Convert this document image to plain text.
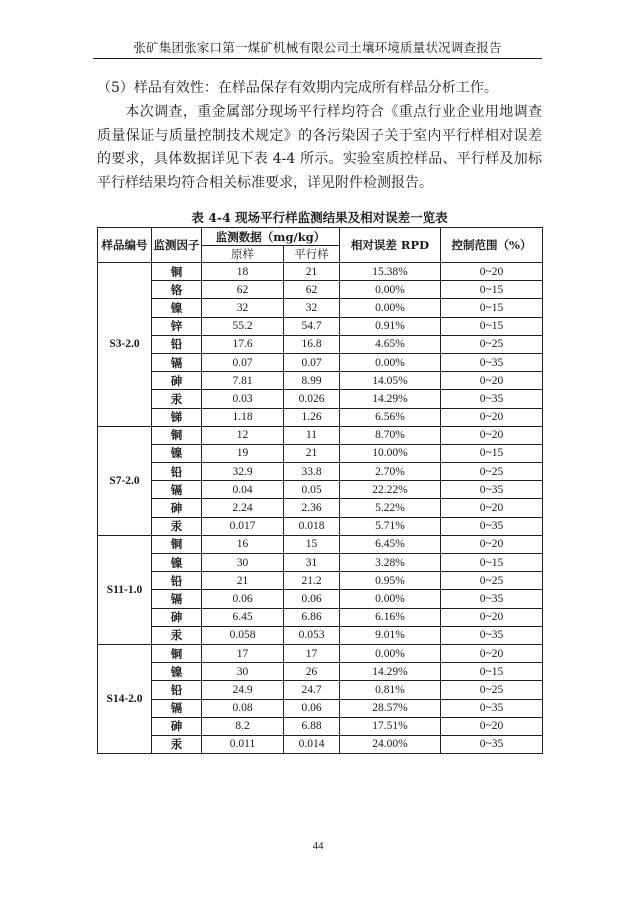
张矿集团张家口第一煤矿机械有限公司土壤环境质量状况调查报告

（5）样品有效性：在样品保存有效期内完成所有样品分析工作。

本次调查，重金属部分现场平行样均符合《重点行业企业用地调查质量保证与质量控制技术规定》的各污染因子关于室内平行样相对误差的要求，具体数据详见下表 4-4 所示。实验室质控样品、平行样及加标平行样结果均符合相关标准要求，详见附件检测报告。

表 4-4 现场平行样监测结果及相对误差一览表
样品编号	监测因子	监测数据（mg/kg）		相对误差 RPD	控制范围（%）
		原样	平行样		
S3-2.0	铜	18	21	15.38%	0~20
	铬	62	62	0.00%	0~15
	镍	32	32	0.00%	0~15
	锌	55.2	54.7	0.91%	0~15
	铅	17.6	16.8	4.65%	0~25
	镉	0.07	0.07	0.00%	0~35
	砷	7.81	8.99	14.05%	0~20
	汞	0.03	0.026	14.29%	0~35
	锑	1.18	1.26	6.56%	0~20
S7-2.0	铜	12	11	8.70%	0~20
	镍	19	21	10.00%	0~15
	铅	32.9	33.8	2.70%	0~25
	镉	0.04	0.05	22.22%	0~35
	砷	2.24	2.36	5.22%	0~20
	汞	0.017	0.018	5.71%	0~35
S11-1.0	铜	16	15	6.45%	0~20
	镍	30	31	3.28%	0~15
	铅	21	21.2	0.95%	0~25
	镉	0.06	0.06	0.00%	0~35
	砷	6.45	6.86	6.16%	0~20
	汞	0.058	0.053	9.01%	0~35
S14-2.0	铜	17	17	0.00%	0~20
	镍	30	26	14.29%	0~15
	铅	24.9	24.7	0.81%	0~25
	镉	0.08	0.06	28.57%	0~35
	砷	8.2	6.88	17.51%	0~20
	汞	0.011	0.014	24.00%	0~35
44
